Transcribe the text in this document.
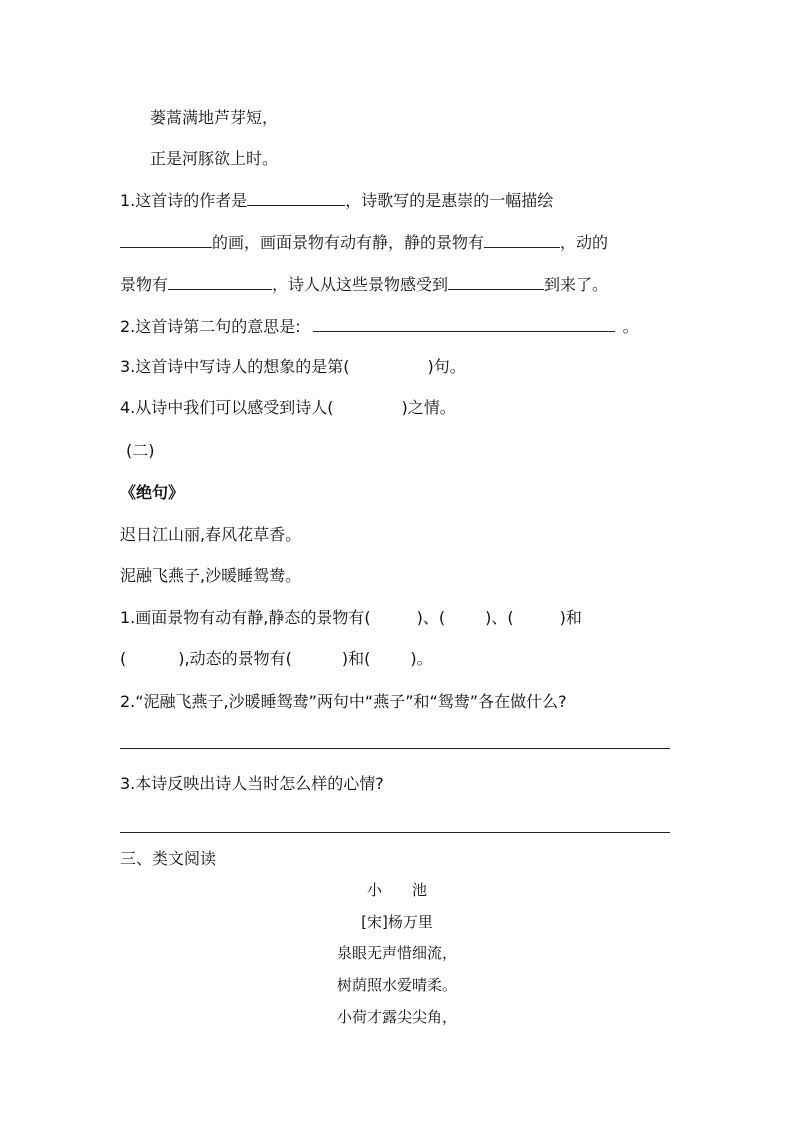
蒌蒿满地芦芽短，
正是河豚欲上时。
1.这首诗的作者是	，诗歌写的是惠崇的一幅描绘
的画，画面景物有动有静，静的景物有	，动的
景物有	，诗人从这些景物感受到	到来了。
2.这首诗第二句的意思是:	。
3.这首诗中写诗人的想象的是第(	)句。
4.从诗中我们可以感受到诗人(	)之情。
(二)
《绝句》
迟日江山丽,春风花草香。
泥融飞燕子,沙暖睡鸳鸯。
1.画面景物有动有静,静态的景物有(	)、(	)、(	)和
(	),动态的景物有(	)和(	)。
2.“泥融飞燕子,沙暖睡鸳鸯”两句中“燕子”和“鸳鸯”各在做什么?
3.本诗反映出诗人当时怎么样的心情?
三、类文阅读
小　　池
[宋]杨万里
泉眼无声惜细流，
树荫照水爱晴柔。
小荷才露尖尖角，
